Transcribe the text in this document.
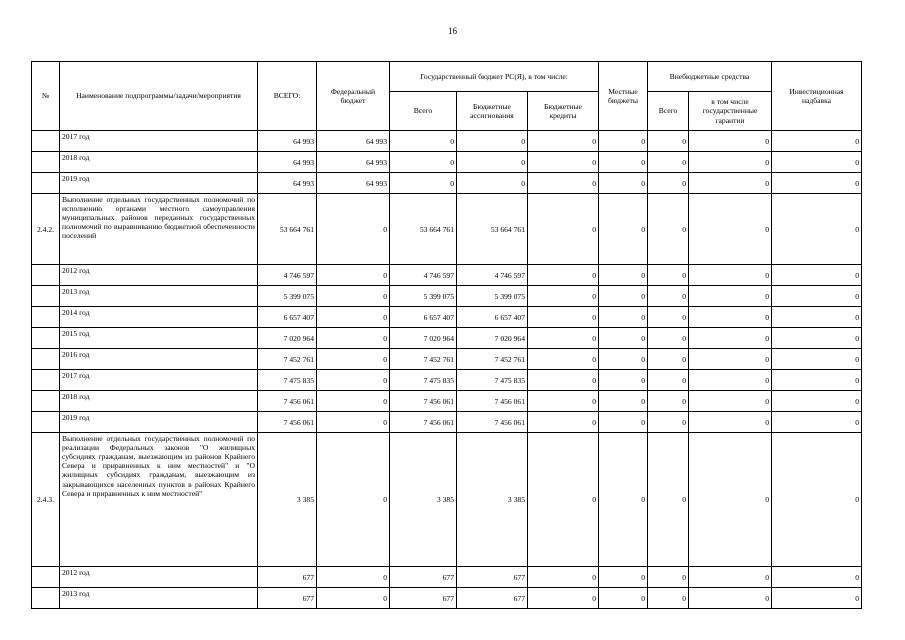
16
№	Наименование подпрограммы/задачи/мероприятия	ВСЕГО:	Федеральный бюджет	Государственный бюджет РС(Я), в том числе:			Местные бюджеты	Внебюджетные средства		Инвестиционная надбавка
				Всего	Бюджетные ассигнования	Бюджетные кредиты		Всего	в том числе государственные гарантии	
	2017 год	64 993	64 993	0	0	0	0	0	0	0
	2018 год	64 993	64 993	0	0	0	0	0	0	0
	2019 год	64 993	64 993	0	0	0	0	0	0	0
2.4.2.	Выполнение отдельных государственных полномочий по исполнению органами местного самоуправления муниципальных районов переданных государственных полномочий по выравниванию бюджетной обеспеченности поселений	53 664 761	0	53 664 761	53 664 761	0	0	0	0	0
	2012 год	4 746 597	0	4 746 597	4 746 597	0	0	0	0	0
	2013 год	5 399 075	0	5 399 075	5 399 075	0	0	0	0	0
	2014 год	6 657 407	0	6 657 407	6 657 407	0	0	0	0	0
	2015 год	7 020 964	0	7 020 964	7 020 964	0	0	0	0	0
	2016 год	7 452 761	0	7 452 761	7 452 761	0	0	0	0	0
	2017 год	7 475 835	0	7 475 835	7 475 835	0	0	0	0	0
	2018 год	7 456 061	0	7 456 061	7 456 061	0	0	0	0	0
	2019 год	7 456 061	0	7 456 061	7 456 061	0	0	0	0	0
2.4.3.	Выполнение отдельных государственных полномочий по реализации Федеральных законов "О жилищных субсидиях гражданам, выезжающим из районов Крайнего Севера и приравненных к ним местностей" и "О жилищных субсидиях гражданам, выезжающим из закрывающихся населенных пунктов в районах Крайнего Севера и приравненных к ним местностей"	3 385	0	3 385	3 385	0	0	0	0	0
	2012 год	677	0	677	677	0	0	0	0	0
	2013 год	677	0	677	677	0	0	0	0	0
